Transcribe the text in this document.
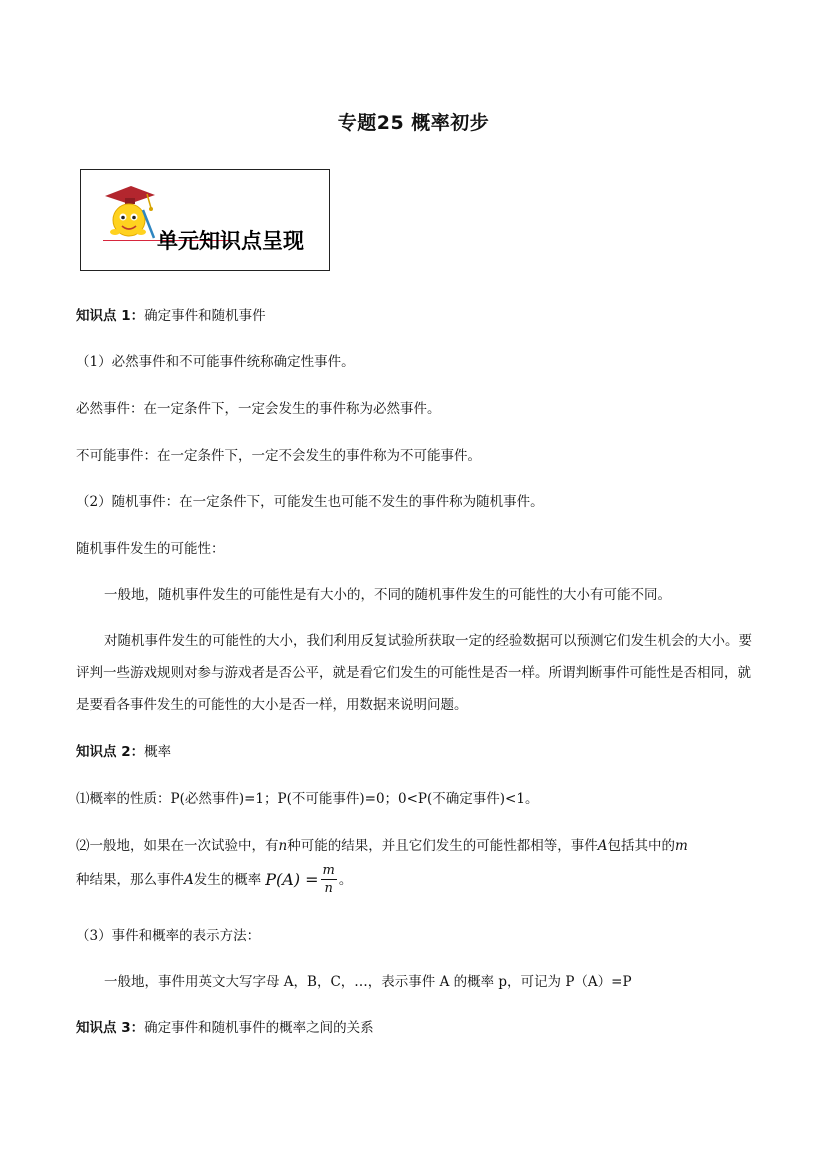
专题25 概率初步
单元知识点呈现
知识点 1：确定事件和随机事件
（1）必然事件和不可能事件统称确定性事件。
必然事件：在一定条件下，一定会发生的事件称为必然事件。
不可能事件：在一定条件下，一定不会发生的事件称为不可能事件。
（2）随机事件：在一定条件下，可能发生也可能不发生的事件称为随机事件。
随机事件发生的可能性：
一般地，随机事件发生的可能性是有大小的，不同的随机事件发生的可能性的大小有可能不同。
对随机事件发生的可能性的大小，我们利用反复试验所获取一定的经验数据可以预测它们发生机会的大小。要评判一些游戏规则对参与游戏者是否公平，就是看它们发生的可能性是否一样。所谓判断事件可能性是否相同，就是要看各事件发生的可能性的大小是否一样，用数据来说明问题。
知识点 2：概率
⑴概率的性质：P(必然事件)=1；P(不可能事件)=0；0<P(不确定事件)<1。
⑵一般地，如果在一次试验中，有n种可能的结果，并且它们发生的可能性都相等，事件A包括其中的m
种结果，那么事件 A 发生的概率 $P(A) = \frac{m}{n}$ 。
（3）事件和概率的表示方法：
一般地，事件用英文大写字母 A，B，C，…，表示事件 A 的概率 p，可记为 P（A）=P
知识点 3：确定事件和随机事件的概率之间的关系
